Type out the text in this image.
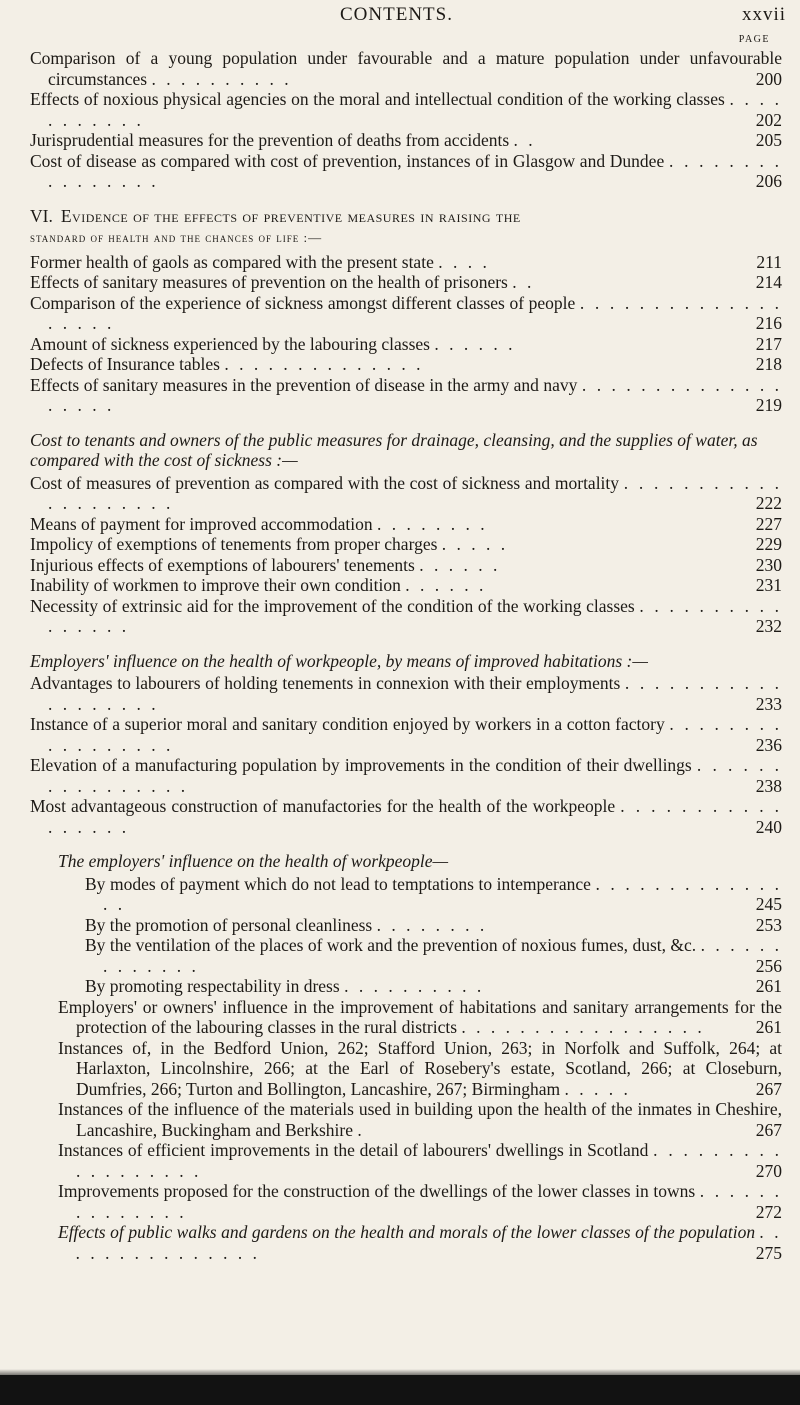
CONTENTS.	xxvii
PAGE

Comparison of a young population under favourable and a mature population under unfavourable circumstances . . . . . . . . . .	200

Effects of noxious physical agencies on the moral and intellectual condition of the working classes . . . . . . . . . . .	202

Jurisprudential measures for the prevention of deaths from accidents . .	205

Cost of disease as compared with cost of prevention, instances of in Glasgow and Dundee . . . . . . . . . . . . . . . .	206

VI. Evidence of the effects of preventive measures in raising the
standard of health and the chances of life :—

Former health of gaols as compared with the present state . . . .	211

Effects of sanitary measures of prevention on the health of prisoners . .	214

Comparison of the experience of sickness amongst different classes of people . . . . . . . . . . . . . . . . . . .	216

Amount of sickness experienced by the labouring classes . . . . . .	217

Defects of Insurance tables . . . . . . . . . . . . . .	218

Effects of sanitary measures in the prevention of disease in the army and navy . . . . . . . . . . . . . . . . . . .	219

Cost to tenants and owners of the public measures for drainage, cleansing, and the supplies of water, as compared with the cost of sickness :—

Cost of measures of prevention as compared with the cost of sickness and mortality . . . . . . . . . . . . . . . . . . . .	222

Means of payment for improved accommodation . . . . . . . .	227

Impolicy of exemptions of tenements from proper charges . . . . .	229

Injurious effects of exemptions of labourers' tenements . . . . . .	230

Inability of workmen to improve their own condition . . . . . .	231

Necessity of extrinsic aid for the improvement of the condition of the working classes . . . . . . . . . . . . . . . .	232

Employers' influence on the health of workpeople, by means of improved habitations :—

Advantages to labourers of holding tenements in connexion with their employments . . . . . . . . . . . . . . . . . . .	233

Instance of a superior moral and sanitary condition enjoyed by workers in a cotton factory . . . . . . . . . . . . . . . . .	236

Elevation of a manufacturing population by improvements in the condition of their dwellings . . . . . . . . . . . . . . . .	238

Most advantageous construction of manufactories for the health of the workpeople . . . . . . . . . . . . . . . . .	240

The employers' influence on the health of workpeople—

By modes of payment which do not lead to temptations to intemperance . . . . . . . . . . . . . . .	245

By the promotion of personal cleanliness . . . . . . . .	253

By the ventilation of the places of work and the prevention of noxious fumes, dust, &c. . . . . . . . . . . . . .	256

By promoting respectability in dress . . . . . . . . . .	261

Employers' or owners' influence in the improvement of habitations and sanitary arrangements for the protection of the labouring classes in the rural districts . . . . . . . . . . . . . . . . .	261

Instances of, in the Bedford Union, 262; Stafford Union, 263; in Norfolk and Suffolk, 264; at Harlaxton, Lincolnshire, 266; at the Earl of Rosebery's estate, Scotland, 266; at Closeburn, Dumfries, 266; Turton and Bollington, Lancashire, 267; Birmingham . . . . .	267

Instances of the influence of the materials used in building upon the health of the inmates in Cheshire, Lancashire, Buckingham and Berkshire .	267

Instances of efficient improvements in the detail of labourers' dwellings in Scotland . . . . . . . . . . . . . . . . . .	270

Improvements proposed for the construction of the dwellings of the lower classes in towns . . . . . . . . . . . . . .	272

Effects of public walks and gardens on the health and morals of the lower classes of the population . . . . . . . . . . . . . . .	275
